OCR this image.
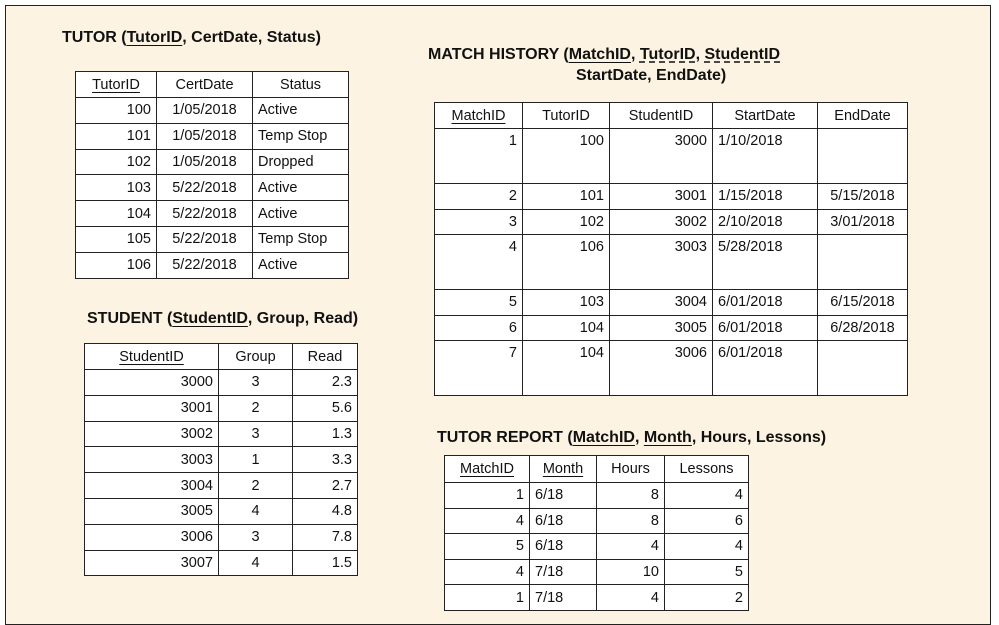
TUTOR (TutorID, CertDate, Status)
TutorID	CertDate	Status
100	1/05/2018	Active
101	1/05/2018	Temp Stop
102	1/05/2018	Dropped
103	5/22/2018	Active
104	5/22/2018	Active
105	5/22/2018	Temp Stop
106	5/22/2018	Active
STUDENT (StudentID, Group, Read)
StudentID	Group	Read
3000	3	2.3
3001	2	5.6
3002	3	1.3
3003	1	3.3
3004	2	2.7
3005	4	4.8
3006	3	7.8
3007	4	1.5
MATCH HISTORY (MatchID, TutorID, StudentID
StartDate, EndDate)
MatchID	TutorID	StudentID	StartDate	EndDate
1	100	3000	1/10/2018	
2	101	3001	1/15/2018	5/15/2018
3	102	3002	2/10/2018	3/01/2018
4	106	3003	5/28/2018	
5	103	3004	6/01/2018	6/15/2018
6	104	3005	6/01/2018	6/28/2018
7	104	3006	6/01/2018	
TUTOR REPORT (MatchID, Month, Hours, Lessons)
MatchID	Month	Hours	Lessons
1	6/18	8	4
4	6/18	8	6
5	6/18	4	4
4	7/18	10	5
1	7/18	4	2
